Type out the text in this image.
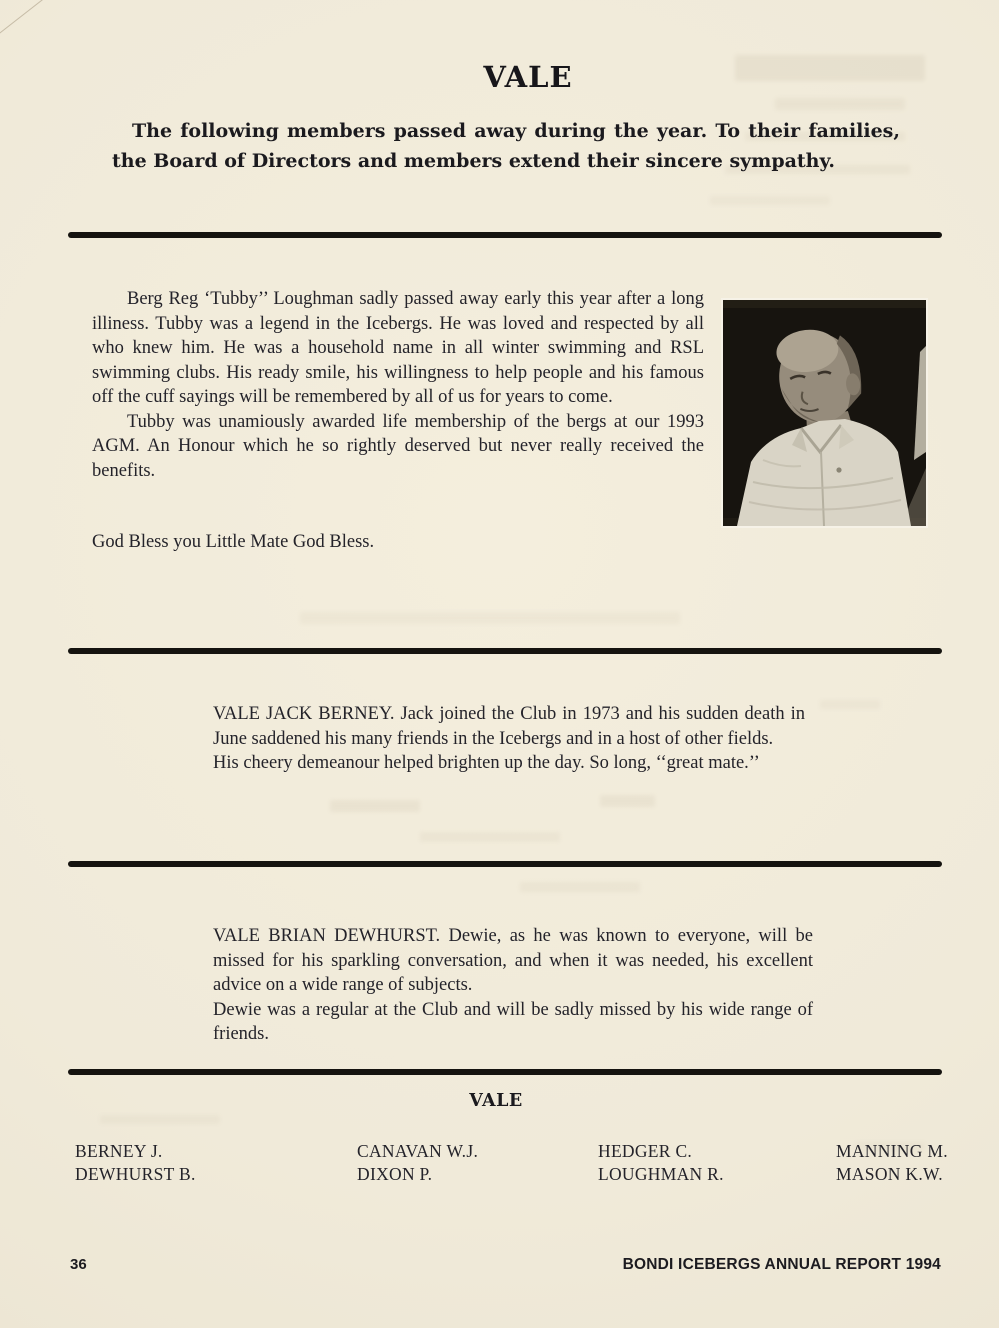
VALE
The following members passed away during the year. To their families, the Board of Directors and members extend their sincere sympathy.

Berg Reg ‘Tubby’’ Loughman sadly passed away early this year after a long illiness. Tubby was a legend in the Icebergs. He was loved and respected by all who knew him. He was a household name in all winter swimming and RSL swimming clubs. His ready smile, his willingness to help people and his famous off the cuff sayings will be remembered by all of us for years to come.

Tubby was unamiously awarded life membership of the bergs at our 1993 AGM. An Honour which he so rightly deserved but never really received the benefits.

God Bless you Little Mate God Bless.

VALE JACK BERNEY. Jack joined the Club in 1973 and his sudden death in June saddened his many friends in the Icebergs and in a host of other fields.

His cheery demeanour helped brighten up the day. So long, ‘‘great mate.’’

VALE BRIAN DEWHURST. Dewie, as he was known to everyone, will be missed for his sparkling conversation, and when it was needed, his excellent advice on a wide range of subjects.

Dewie was a regular at the Club and will be sadly missed by his wide range of friends.

VALE
BERNEY J.
DEWHURST B.
CANAVAN W.J.
DIXON P.
HEDGER C.
LOUGHMAN R.
MANNING M.
MASON K.W.
36	BONDI ICEBERGS ANNUAL REPORT 1994
